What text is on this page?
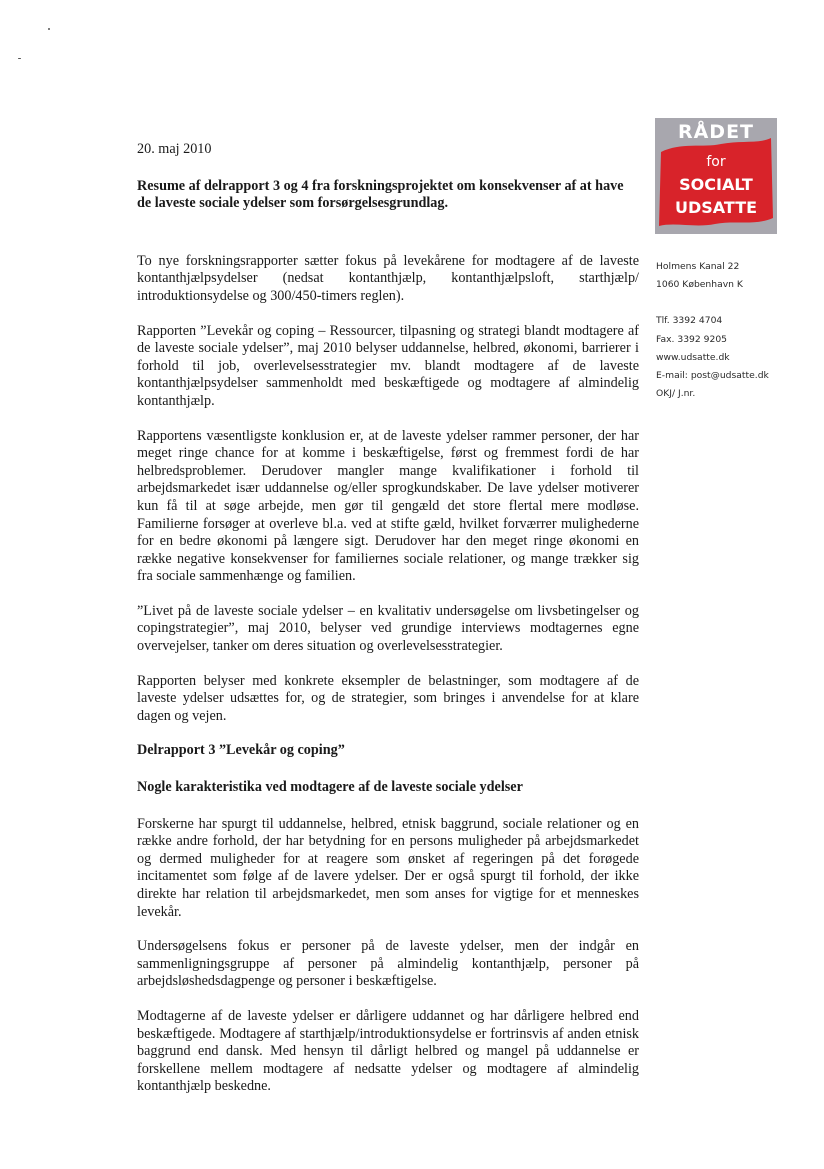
RÅDET
for
SOCIALT
UDSATTE
Holmens Kanal 22
1060 København K
Tlf. 3392 4704
Fax. 3392 9205
www.udsatte.dk
E-mail: post@udsatte.dk
OKJ/ J.nr.

20. maj 2010

Resume af delrapport 3 og 4 fra forskningsprojektet om konsekvenser af at have de laveste sociale ydelser som forsørgelsesgrundlag.

To nye forskningsrapporter sætter fokus på levekårene for modtagere af de laveste kontanthjælpsydelser (nedsat kontanthjælp, kontanthjælpsloft, starthjælp/ introduktionsydelse og 300/450-timers reglen).

Rapporten ”Levekår og coping – Ressourcer, tilpasning og strategi blandt modtagere af de laveste sociale ydelser”, maj 2010 belyser uddannelse, helbred, økonomi, barrierer i forhold til job, overlevelsesstrategier mv. blandt modtagere af de laveste kontanthjælpsydelser sammenholdt med beskæftigede og modtagere af almindelig kontanthjælp.

Rapportens væsentligste konklusion er, at de laveste ydelser rammer personer, der har meget ringe chance for at komme i beskæftigelse, først og fremmest fordi de har helbredsproblemer. Derudover mangler mange kvalifikationer i forhold til arbejdsmarkedet især uddannelse og/eller sprogkundskaber. De lave ydelser motiverer kun få til at søge arbejde, men gør til gengæld det store flertal mere modløse. Familierne forsøger at overleve bl.a. ved at stifte gæld, hvilket forværrer mulighederne for en bedre økonomi på længere sigt. Derudover har den meget ringe økonomi en række negative konsekvenser for familiernes sociale relationer, og mange trækker sig fra sociale sammenhænge og familien.

”Livet på de laveste sociale ydelser – en kvalitativ undersøgelse om livsbetingelser og copingstrategier”, maj 2010, belyser ved grundige interviews modtagernes egne overvejelser, tanker om deres situation og overlevelsesstrategier.

Rapporten belyser med konkrete eksempler de belastninger, som modtagere af de laveste ydelser udsættes for, og de strategier, som bringes i anvendelse for at klare dagen og vejen.

Delrapport 3 ”Levekår og coping”

Nogle karakteristika ved modtagere af de laveste sociale ydelser

Forskerne har spurgt til uddannelse, helbred, etnisk baggrund, sociale relationer og en række andre forhold, der har betydning for en persons muligheder på arbejdsmarkedet og dermed muligheder for at reagere som ønsket af regeringen på det forøgede incitamentet som følge af de lavere ydelser. Der er også spurgt til forhold, der ikke direkte har relation til arbejdsmarkedet, men som anses for vigtige for et menneskes levekår.

Undersøgelsens fokus er personer på de laveste ydelser, men der indgår en sammenligningsgruppe af personer på almindelig kontanthjælp, personer på arbejdsløshedsdagpenge og personer i beskæftigelse.

Modtagerne af de laveste ydelser er dårligere uddannet og har dårligere helbred end beskæftigede. Modtagere af starthjælp/introduktionsydelse er fortrinsvis af anden etnisk baggrund end dansk. Med hensyn til dårligt helbred og mangel på uddannelse er forskellene mellem modtagere af nedsatte ydelser og modtagere af almindelig kontanthjælp beskedne.
